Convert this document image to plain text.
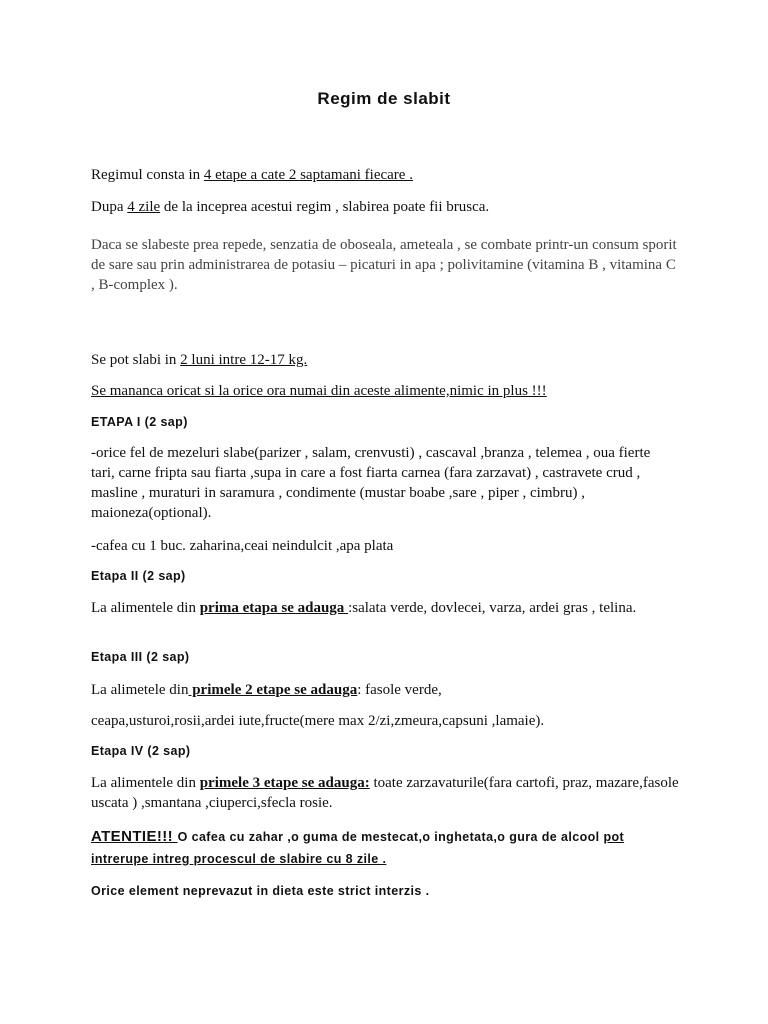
Regim de slabit
Regimul consta in 4 etape a cate 2 saptamani fiecare .
Dupa 4 zile de la inceprea acestui regim , slabirea poate fii brusca.
Daca se slabeste prea repede, senzatia de oboseala, ameteala , se combate printr-un consum sporit de sare sau prin administrarea de potasiu – picaturi in apa ; polivitamine (vitamina B , vitamina C , B-complex ).
Se pot slabi in 2 luni intre 12-17 kg.
Se mananca oricat si la orice ora numai din aceste alimente,nimic in plus !!!
ETAPA I (2 sap)
-orice fel de mezeluri slabe(parizer , salam, crenvusti) , cascaval ,branza , telemea , oua fierte tari, carne fripta sau fiarta ,supa in care a fost fiarta carnea (fara zarzavat) , castravete crud , masline , muraturi in saramura , condimente (mustar boabe ,sare , piper , cimbru) , maioneza(optional).
-cafea cu 1 buc. zaharina,ceai neindulcit ,apa plata
Etapa II (2 sap)
La alimentele din prima etapa se adauga :salata verde, dovlecei, varza, ardei gras , telina.
Etapa III (2 sap)
La alimetele din primele 2 etape se adauga: fasole verde,
ceapa,usturoi,rosii,ardei iute,fructe(mere max 2/zi,zmeura,capsuni ,lamaie).
Etapa IV (2 sap)
La alimentele din primele 3 etape se adauga: toate zarzavaturile(fara cartofi, praz, mazare,fasole uscata ) ,smantana ,ciuperci,sfecla rosie.
ATENTIE!!! O cafea cu zahar ,o guma de mestecat,o inghetata,o gura de alcool pot intrerupe intreg procescul de slabire cu 8 zile .
Orice element neprevazut in dieta este strict interzis .
